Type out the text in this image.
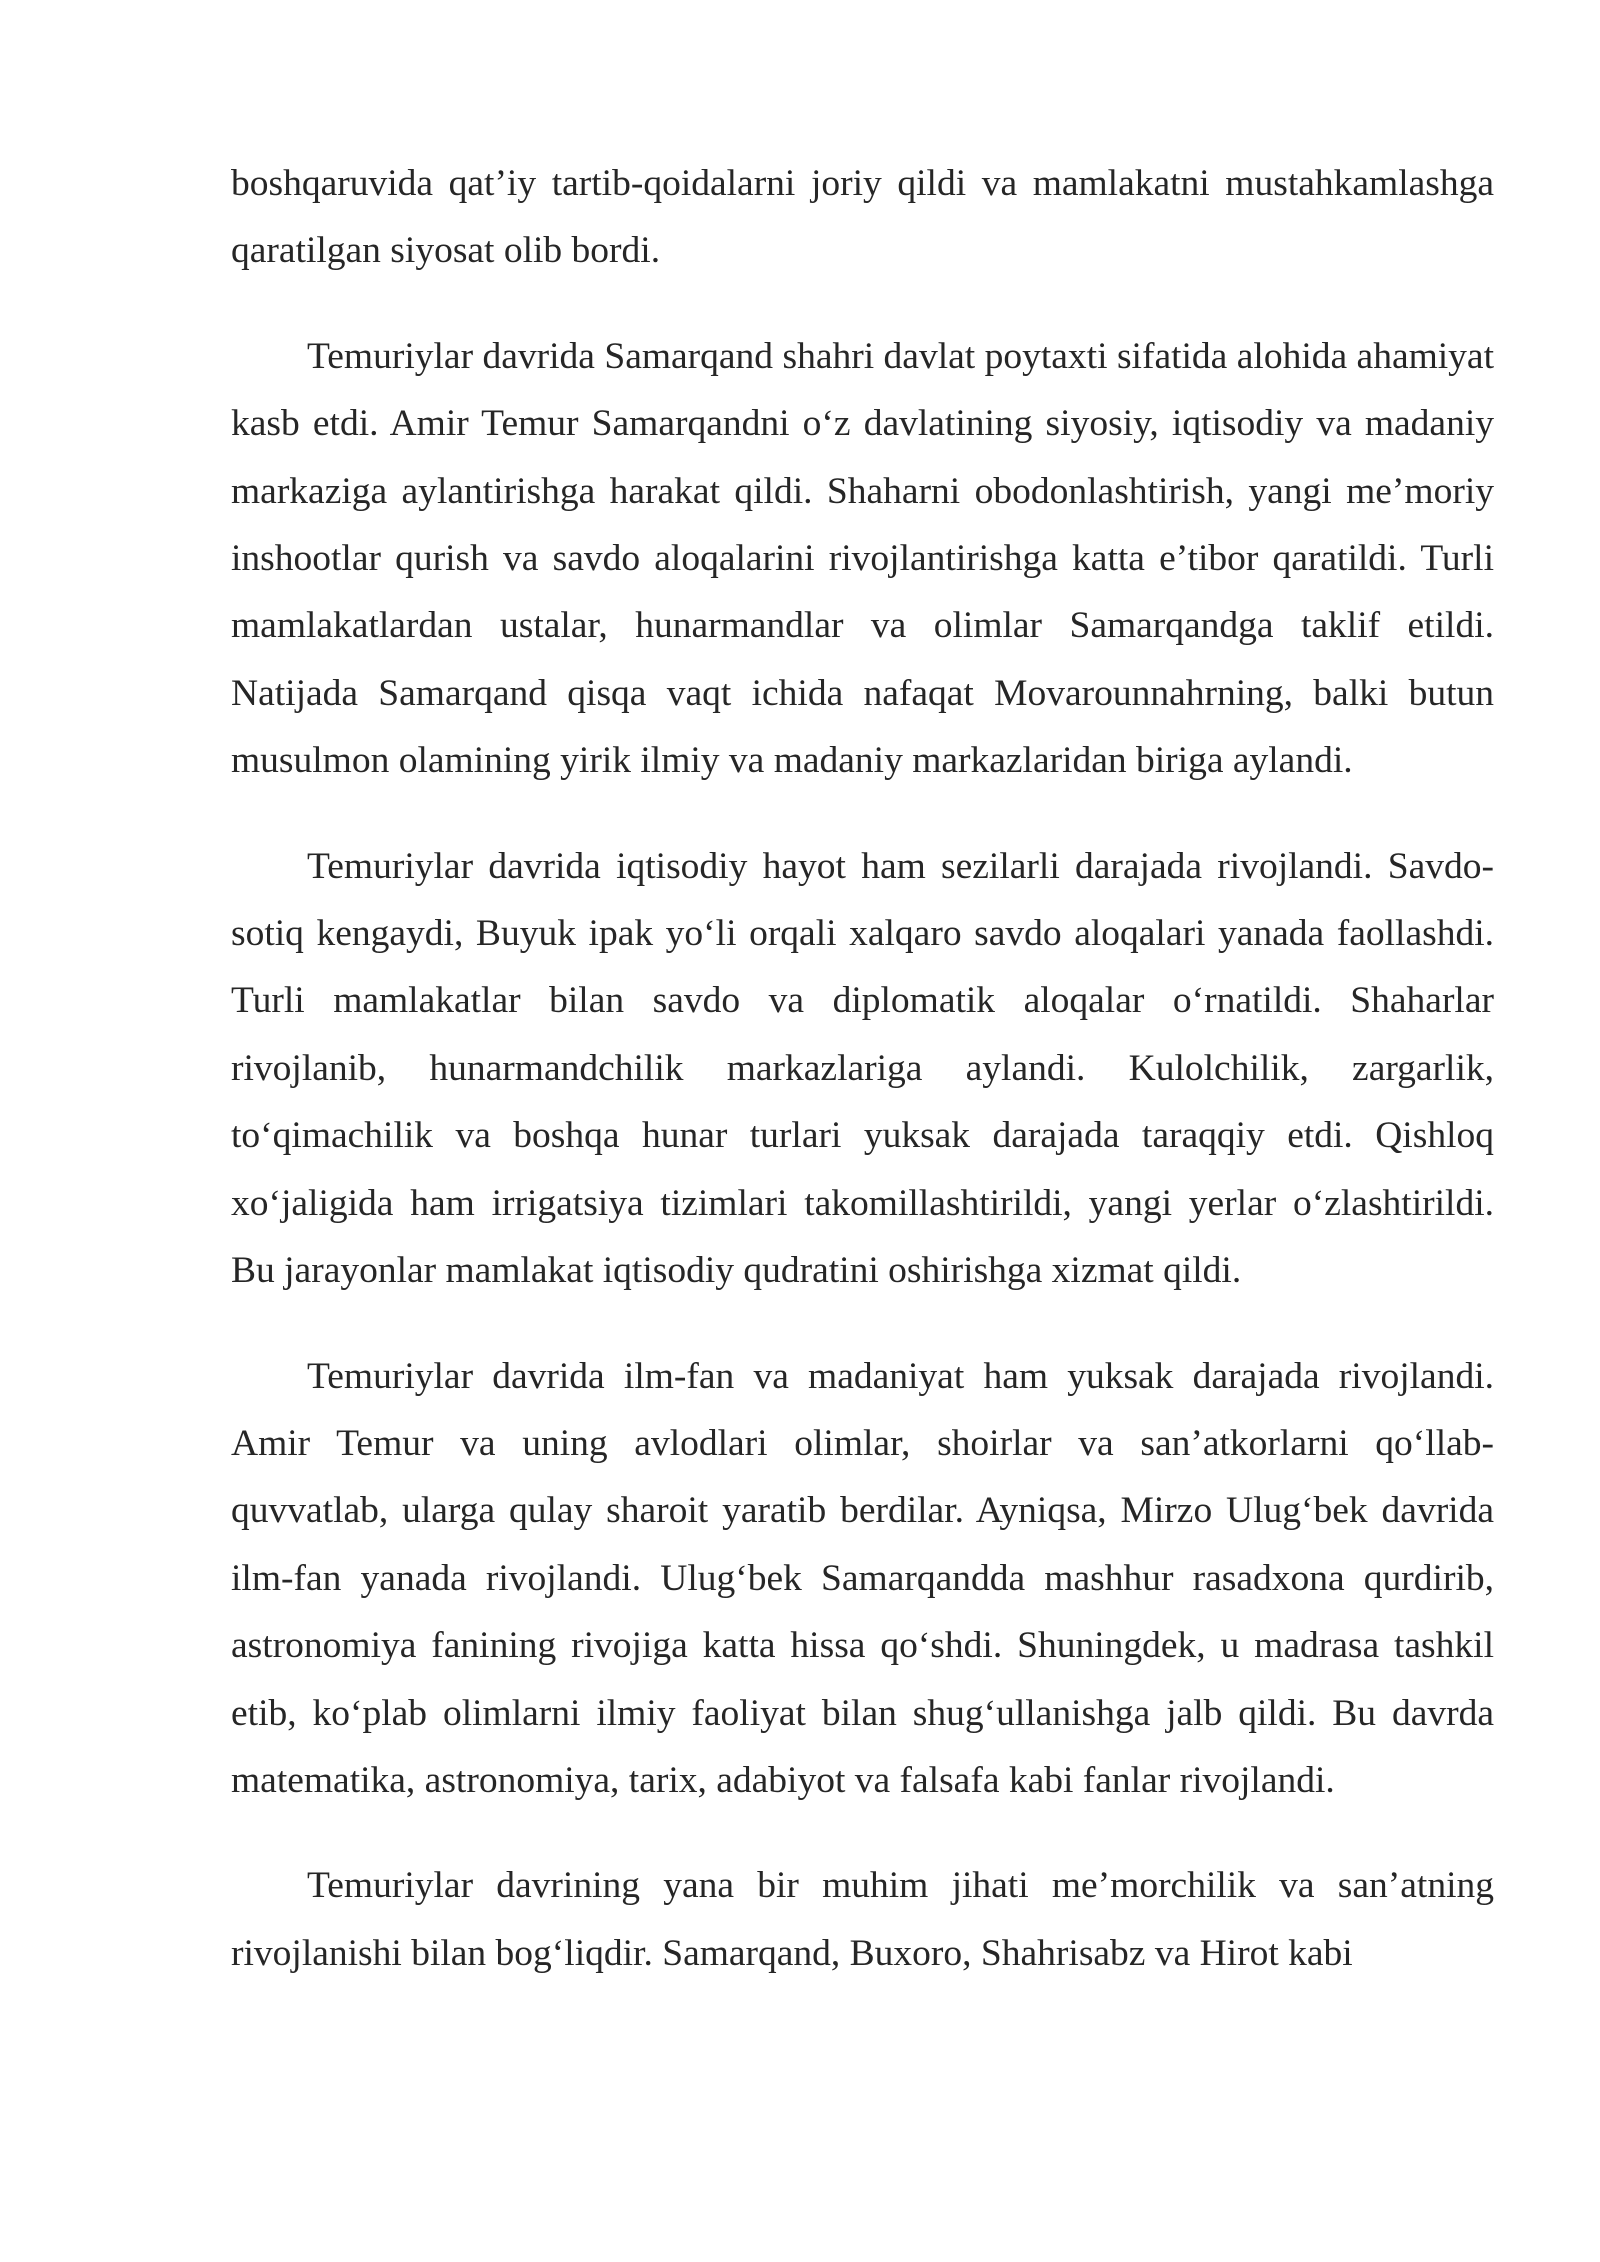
boshqaruvida qat’iy tartib-qoidalarni joriy qildi va mamlakatni mustahkamlashga qaratilgan siyosat olib bordi.

Temuriylar davrida Samarqand shahri davlat poytaxti sifatida alohida ahamiyat kasb etdi. Amir Temur Samarqandni o‘z davlatining siyosiy, iqtisodiy va madaniy markaziga aylantirishga harakat qildi. Shaharni obodonlashtirish, yangi me’moriy inshootlar qurish va savdo aloqalarini rivojlantirishga katta e’tibor qaratildi. Turli mamlakatlardan ustalar, hunarmandlar va olimlar Samarqandga taklif etildi. Natijada Samarqand qisqa vaqt ichida nafaqat Movarounnahrning, balki butun musulmon olamining yirik ilmiy va madaniy markazlaridan biriga aylandi.

Temuriylar davrida iqtisodiy hayot ham sezilarli darajada rivojlandi. Savdo-sotiq kengaydi, Buyuk ipak yo‘li orqali xalqaro savdo aloqalari yanada faollashdi. Turli mamlakatlar bilan savdo va diplomatik aloqalar o‘rnatildi. Shaharlar rivojlanib, hunarmandchilik markazlariga aylandi. Kulolchilik, zargarlik, to‘qimachilik va boshqa hunar turlari yuksak darajada taraqqiy etdi. Qishloq xo‘jaligida ham irrigatsiya tizimlari takomillashtirildi, yangi yerlar o‘zlashtirildi. Bu jarayonlar mamlakat iqtisodiy qudratini oshirishga xizmat qildi.

Temuriylar davrida ilm-fan va madaniyat ham yuksak darajada rivojlandi. Amir Temur va uning avlodlari olimlar, shoirlar va san’atkorlarni qo‘llab-quvvatlab, ularga qulay sharoit yaratib berdilar. Ayniqsa, Mirzo Ulug‘bek davrida ilm-fan yanada rivojlandi. Ulug‘bek Samarqandda mashhur rasadxona qurdirib, astronomiya fanining rivojiga katta hissa qo‘shdi. Shuningdek, u madrasa tashkil etib, ko‘plab olimlarni ilmiy faoliyat bilan shug‘ullanishga jalb qildi. Bu davrda matematika, astronomiya, tarix, adabiyot va falsafa kabi fanlar rivojlandi.

Temuriylar davrining yana bir muhim jihati me’morchilik va san’atning rivojlanishi bilan bog‘liqdir. Samarqand, Buxoro, Shahrisabz va Hirot kabi
